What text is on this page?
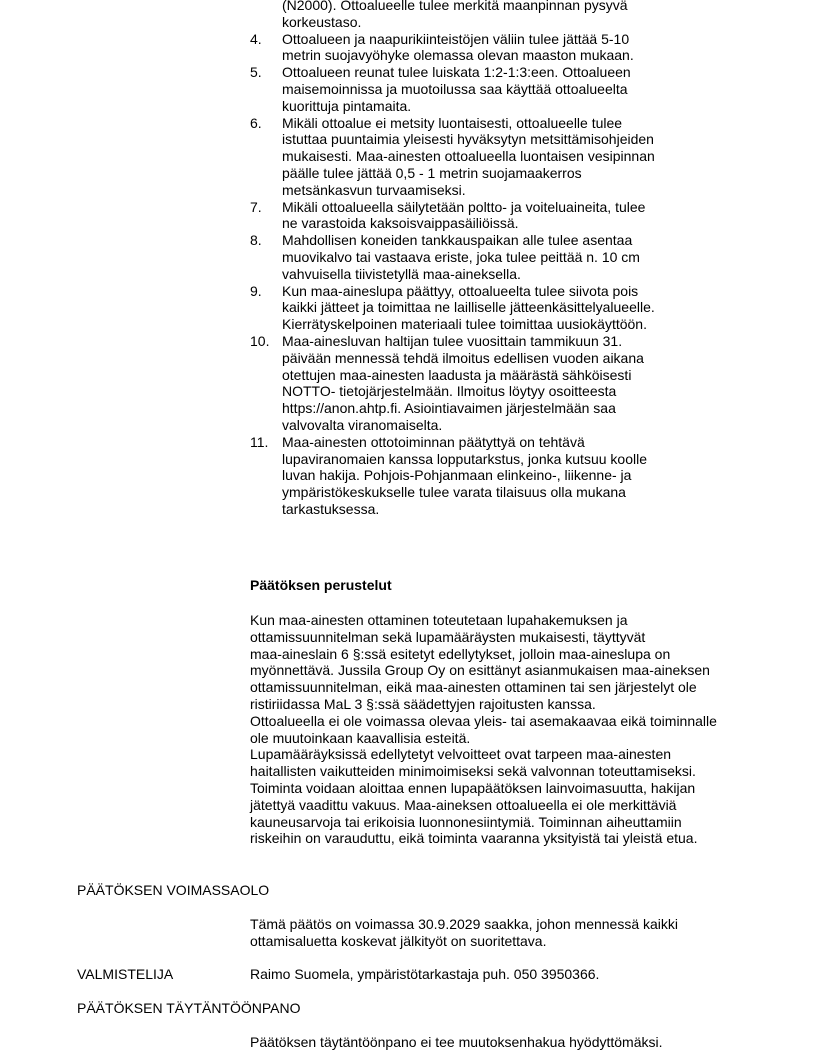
(N2000). Ottoalueelle tulee merkitä maanpinnan pysyvä
korkeustaso.
4. Ottoalueen ja naapurikiinteistöjen väliin tulee jättää 5-10
metrin suojavyöhyke olemassa olevan maaston mukaan.
5. Ottoalueen reunat tulee luiskata 1:2-1:3:een. Ottoalueen
maisemoinnissa ja muotoilussa saa käyttää ottoalueelta
kuorittuja pintamaita.
6. Mikäli ottoalue ei metsity luontaisesti, ottoalueelle tulee
istuttaa puuntaimia yleisesti hyväksytyn metsittämisohjeiden
mukaisesti. Maa-ainesten ottoalueella luontaisen vesipinnan
päälle tulee jättää 0,5 - 1 metrin suojamaakerros
metsänkasvun turvaamiseksi.
7. Mikäli ottoalueella säilytetään poltto- ja voiteluaineita, tulee
ne varastoida kaksoisvaippasäiliöissä.
8. Mahdollisen koneiden tankkauspaikan alle tulee asentaa
muovikalvo tai vastaava eriste, joka tulee peittää n. 10 cm
vahvuisella tiivistetyllä maa-aineksella.
9. Kun maa-aineslupa päättyy, ottoalueelta tulee siivota pois
kaikki jätteet ja toimittaa ne lailliselle jätteenkäsittelyalueelle.
Kierrätyskelpoinen materiaali tulee toimittaa uusiokäyttöön.
10. Maa-ainesluvan haltijan tulee vuosittain tammikuun 31.
päivään mennessä tehdä ilmoitus edellisen vuoden aikana
otettujen maa-ainesten laadusta ja määrästä sähköisesti
NOTTO- tietojärjestelmään. Ilmoitus löytyy osoitteesta
https://anon.ahtp.fi. Asiointiavaimen järjestelmään saa
valvovalta viranomaiselta.
11. Maa-ainesten ottotoiminnan päätyttyä on tehtävä
lupaviranomaien kanssa lopputarkstus, jonka kutsuu koolle
luvan hakija. Pohjois-Pohjanmaan elinkeino-, liikenne- ja
ympäristökeskukselle tulee varata tilaisuus olla mukana
tarkastuksessa.
Päätöksen perustelut
Kun maa-ainesten ottaminen toteutetaan lupahakemuksen ja
ottamissuunnitelman sekä lupamääräysten mukaisesti, täyttyvät
maa-aineslain 6 §:ssä esitetyt edellytykset, jolloin maa-aineslupa on
myönnettävä. Jussila Group Oy on esittänyt asianmukaisen maa-aineksen
ottamissuunnitelman, eikä maa-ainesten ottaminen tai sen järjestelyt ole
ristiriidassa MaL 3 §:ssä säädettyjen rajoitusten kanssa.
Ottoalueella ei ole voimassa olevaa yleis- tai asemakaavaa eikä toiminnalle
ole muutoinkaan kaavallisia esteitä.
Lupamääräyksissä edellytetyt velvoitteet ovat tarpeen maa-ainesten
haitallisten vaikutteiden minimoimiseksi sekä valvonnan toteuttamiseksi.
Toiminta voidaan aloittaa ennen lupapäätöksen lainvoimasuutta, hakijan
jätettyä vaadittu vakuus. Maa-aineksen ottoalueella ei ole merkittäviä
kauneusarvoja tai erikoisia luonnonesiintymiä. Toiminnan aiheuttamiin
riskeihin on varauduttu, eikä toiminta vaaranna yksityistä tai yleistä etua.
PÄÄTÖKSEN VOIMASSAOLO
Tämä päätös on voimassa 30.9.2029 saakka, johon mennessä kaikki
ottamisaluetta koskevat jälkityöt on suoritettava.
VALMISTELIJA	Raimo Suomela, ympäristötarkastaja puh. 050 3950366.
PÄÄTÖKSEN TÄYTÄNTÖÖNPANO
Päätöksen täytäntöönpano ei tee muutoksenhakua hyödyttömäksi.
